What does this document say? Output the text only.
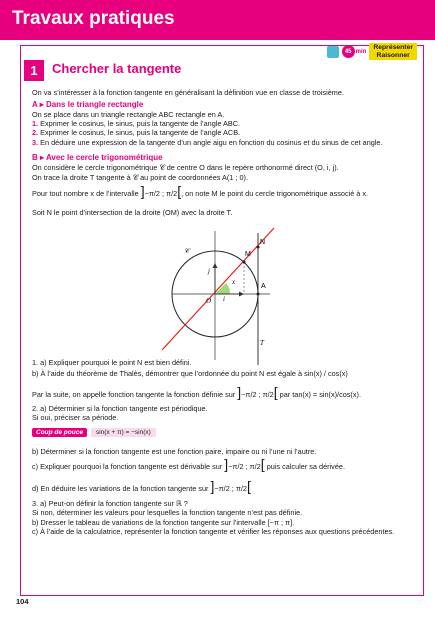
Travaux pratiques
45 min
Représenter
Raisonner
1	Chercher la tangente
On va s’intéresser à la fonction tangente en généralisant la définition vue en classe de troisième.
A ▸ Dans le triangle rectangle
On se place dans un triangle rectangle ABC rectangle en A.
1. Exprimer le cosinus, le sinus, puis la tangente de l’angle ABC.
2. Exprimer le cosinus, le sinus, puis la tangente de l’angle ACB.
3. En déduire une expression de la tangente d’un angle aigu en fonction du cosinus et du sinus de cet angle.
B ▸ Avec le cercle trigonométrique
On considère le cercle trigonométrique 𝒞 de centre O dans le repère orthonormé direct (O, i, j).
On trace la droite T tangente à 𝒞 au point de coordonnées A(1 ; 0).
Pour tout nombre x de l’intervalle ]−π/2 ; π/2[, on note M le point du cercle trigonométrique associé à x.
Soit N le point d’intersection de la droite (OM) avec la droite T.
𝒞
N
M
A
O
T
x
i
j
1. a) Expliquer pourquoi le point N est bien défini.
b) À l’aide du théorème de Thalès, démontrer que l’ordonnée du point N est égale à sin(x) / cos(x)
Par la suite, on appelle fonction tangente la fonction définie sur ]−π/2 ; π/2[ par tan(x) = sin(x)/cos(x).
2. a) Déterminer si la fonction tangente est périodique.
Si oui, préciser sa période.
Coup de pouce	sin(x + π) = −sin(x)
b) Déterminer si la fonction tangente est une fonction paire, impaire ou ni l’une ni l’autre.
c) Expliquer pourquoi la fonction tangente est dérivable sur ]−π/2 ; π/2[ puis calculer sa dérivée.
d) En déduire les variations de la fonction tangente sur ]−π/2 ; π/2[
3. a) Peut-on définir la fonction tangente sur ℝ ?
Si non, déterminer les valeurs pour lesquelles la fonction tangente n’est pas définie.
b) Dresser le tableau de variations de la fonction tangente sur l’intervalle [−π ; π].
c) À l’aide de la calculatrice, représenter la fonction tangente et vérifier les réponses aux questions précédentes.
104
